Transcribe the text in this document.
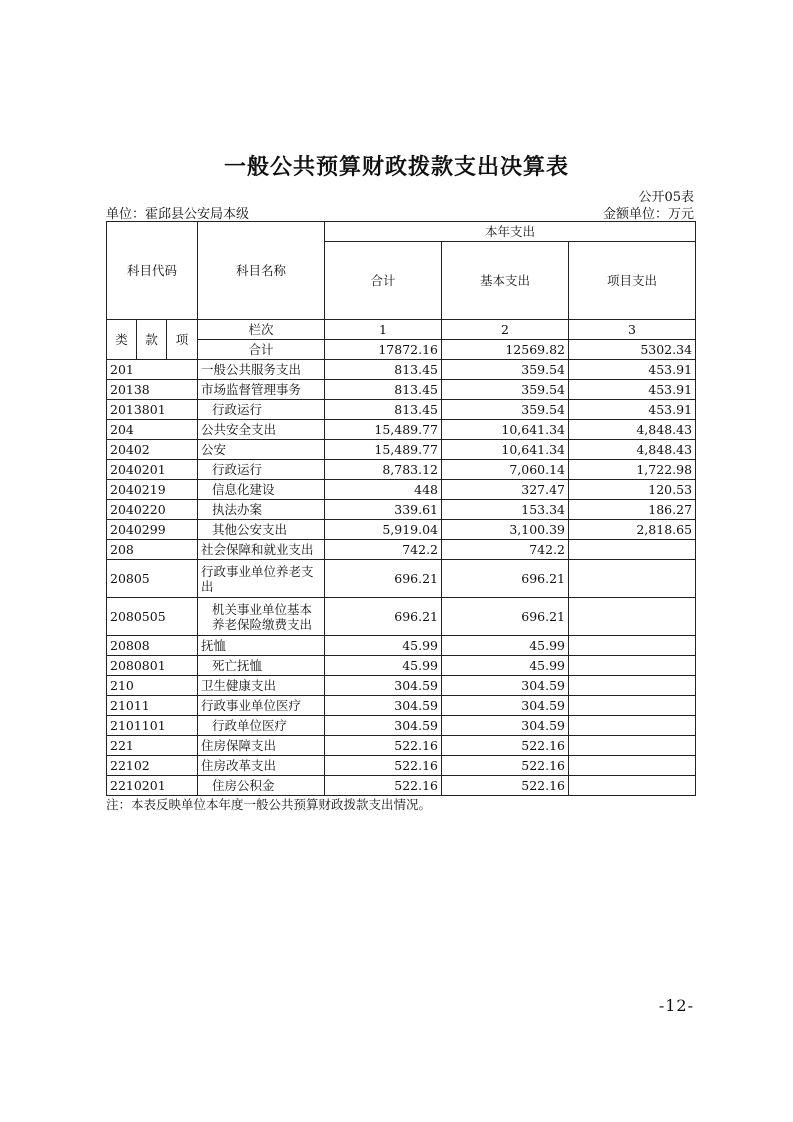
一般公共预算财政拨款支出决算表
公开05表
单位：霍邱县公安局本级	金额单位：万元
科目代码			科目名称	本年支出		
				合计	基本支出	项目支出
类	款	项	栏次	1	2	3
			合计	17872.16	12569.82	5302.34
201			一般公共服务支出	813.45	359.54	453.91
20138			市场监督管理事务	813.45	359.54	453.91
2013801			行政运行	813.45	359.54	453.91
204			公共安全支出	15,489.77	10,641.34	4,848.43
20402			公安	15,489.77	10,641.34	4,848.43
2040201			行政运行	8,783.12	7,060.14	1,722.98
2040219			信息化建设	448	327.47	120.53
2040220			执法办案	339.61	153.34	186.27
2040299			其他公安支出	5,919.04	3,100.39	2,818.65
208			社会保障和就业支出	742.2	742.2	
20805			行政事业单位养老支出	696.21	696.21	
2080505			机关事业单位基本养老保险缴费支出	696.21	696.21	
20808			抚恤	45.99	45.99	
2080801			死亡抚恤	45.99	45.99	
210			卫生健康支出	304.59	304.59	
21011			行政事业单位医疗	304.59	304.59	
2101101			行政单位医疗	304.59	304.59	
221			住房保障支出	522.16	522.16	
22102			住房改革支出	522.16	522.16	
2210201			住房公积金	522.16	522.16	
注：本表反映单位本年度一般公共预算财政拨款支出情况。
-12-
